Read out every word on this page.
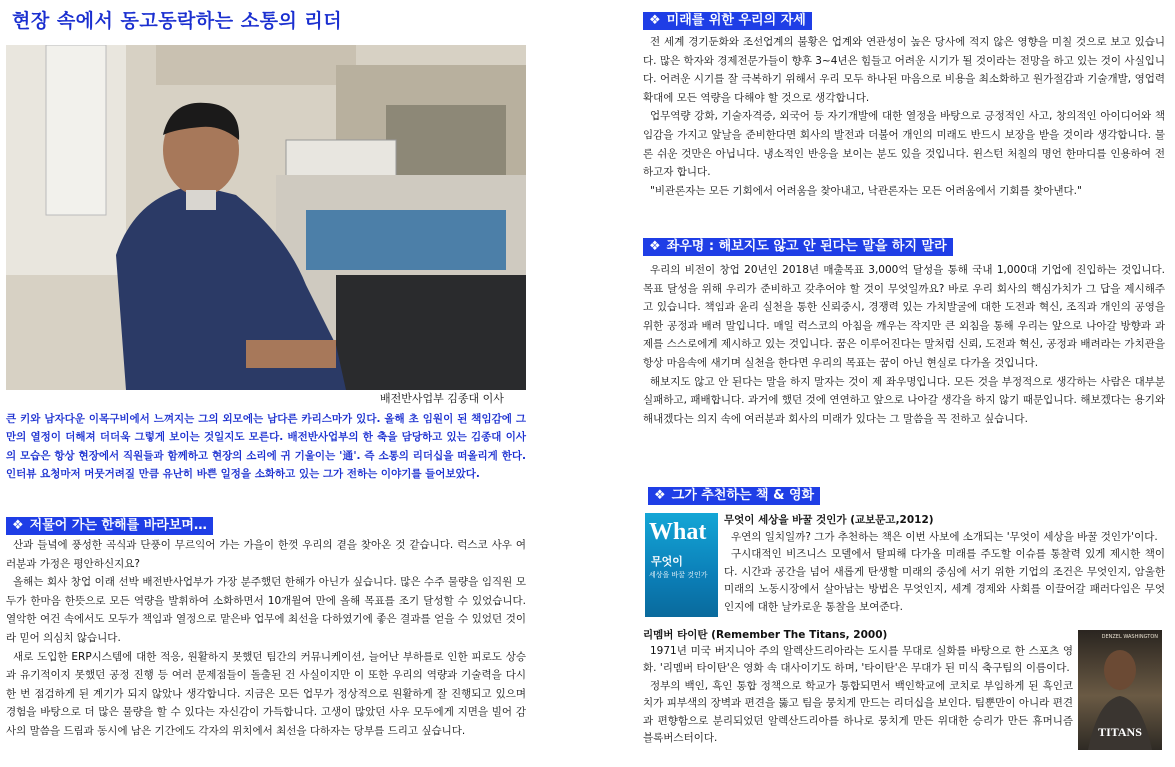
현장 속에서 동고동락하는 소통의 리더
배전반사업부 김종대 이사
큰 키와 남자다운 이목구비에서 느껴지는 그의 외모에는 남다른 카리스마가 있다. 올해 초 임원이 된 책임감에 그만의 열정이 더해져 더더욱 그렇게 보이는 것일지도 모른다. 배전반사업부의 한 축을 담당하고 있는 김종대 이사의 모습은 항상 현장에서 직원들과 함께하고 현장의 소리에 귀 기울이는 '通'. 즉 소통의 리더십을 떠올리게 한다. 인터뷰 요청마저 머뭇거려질 만큼 유난히 바쁜 일정을 소화하고 있는 그가 전하는 이야기를 들어보았다.
❖ 저물어 가는 한해를 바라보며…

산과 들녘에 풍성한 곡식과 단풍이 무르익어 가는 가을이 한껏 우리의 곁을 찾아온 것 같습니다. 럭스코 사우 여러분과 가정은 평안하신지요?

올해는 회사 창업 이래 선박 배전반사업부가 가장 분주했던 한해가 아닌가 싶습니다. 많은 수주 물량을 임직원 모두가 한마음 한뜻으로 모든 역량을 발휘하여 소화하면서 10개월여 만에 올해 목표를 조기 달성할 수 있었습니다. 열악한 여건 속에서도 모두가 책임과 열정으로 맡은바 업무에 최선을 다하였기에 좋은 결과를 얻을 수 있었던 것이라 믿어 의심치 않습니다.

새로 도입한 ERP시스템에 대한 적응, 원활하지 못했던 팀간의 커뮤니케이션, 늘어난 부하를로 인한 피로도 상승과 유기적이지 못했던 공정 진행 등 여러 문제점들이 돌출된 건 사실이지만 이 또한 우리의 역량과 기술력을 다시 한 번 점검하게 된 계기가 되지 않았나 생각합니다. 지금은 모든 업무가 정상적으로 원활하게 잘 진행되고 있으며 경험을 바탕으로 더 많은 물량을 할 수 있다는 자신감이 가득합니다. 고생이 많았던 사우 모두에게 지면을 빌어 감사의 말씀을 드림과 동시에 남은 기간에도 각자의 위치에서 최선을 다하자는 당부를 드리고 싶습니다.

❖ 미래를 위한 우리의 자세

전 세계 경기둔화와 조선업계의 불황은 업계와 연관성이 높은 당사에 적지 않은 영향을 미칠 것으로 보고 있습니다. 많은 학자와 경제전문가들이 향후 3~4년은 힘들고 어려운 시기가 될 것이라는 전망을 하고 있는 것이 사실입니다. 어려운 시기를 잘 극복하기 위해서 우리 모두 하나된 마음으로 비용을 최소화하고 원가절감과 기술개발, 영업력 확대에 모든 역량을 다해야 할 것으로 생각합니다.

업무역량 강화, 기술자격증, 외국어 등 자기개발에 대한 열정을 바탕으로 긍정적인 사고, 창의적인 아이디어와 책임감을 가지고 앞날을 준비한다면 회사의 발전과 더불어 개인의 미래도 반드시 보장을 받을 것이라 생각합니다. 물론 쉬운 것만은 아닙니다. 냉소적인 반응을 보이는 분도 있을 것입니다. 윈스턴 처칠의 명언 한마디를 인용하여 전하고자 합니다.

"비관론자는 모든 기회에서 어려움을 찾아내고, 낙관론자는 모든 어려움에서 기회를 찾아낸다."

❖ 좌우명 : 해보지도 않고 안 된다는 말을 하지 말라

우리의 비전이 창업 20년인 2018년 매출목표 3,000억 달성을 통해 국내 1,000대 기업에 진입하는 것입니다. 목표 달성을 위해 우리가 준비하고 갖추어야 할 것이 무엇일까요? 바로 우리 회사의 핵심가치가 그 답을 제시해주고 있습니다. 책임과 윤리 실천을 통한 신뢰중시, 경쟁력 있는 가치발굴에 대한 도전과 혁신, 조직과 개인의 공영을 위한 공정과 배려 말입니다. 매일 럭스코의 아침을 깨우는 작지만 큰 외침을 통해 우리는 앞으로 나아갈 방향과 과제를 스스로에게 제시하고 있는 것입니다. 꿈은 이루어진다는 말처럼 신뢰, 도전과 혁신, 공정과 배려라는 가치관을 항상 마음속에 새기며 실천을 한다면 우리의 목표는 꿈이 아닌 현실로 다가올 것입니다.

해보지도 않고 안 된다는 말을 하지 말자는 것이 제 좌우명입니다. 모든 것을 부정적으로 생각하는 사람은 대부분 실패하고, 패배합니다. 과거에 했던 것에 연연하고 앞으로 나아갈 생각을 하지 않기 때문입니다. 해보겠다는 용기와 해내겠다는 의지 속에 여러분과 회사의 미래가 있다는 그 말씀을 꼭 전하고 싶습니다.

❖ 그가 추천하는 책 & 영화
What
무엇이
세상을 바꿀 것인가
무엇이 세상을 바꿀 것인가 (교보문고,2012)

우연의 일치일까? 그가 추천하는 책은 이번 사보에 소개되는 '무엇이 세상을 바꿀 것인가'이다.

구시대적인 비즈니스 모델에서 탈피해 다가올 미래를 주도할 이슈를 통찰력 있게 제시한 책이다. 시간과 공간을 넘어 새롭게 탄생할 미래의 중심에 서기 위한 기업의 조건은 무엇인지, 암울한 미래의 노동시장에서 살아남는 방법은 무엇인지, 세계 경제와 사회를 이끌어갈 패러다임은 무엇인지에 대한 날카로운 통찰을 보여준다.

리멤버 타이탄 (Remember The Titans, 2000)	DENZEL WASHINGTON
TITANS

1971년 미국 버지니아 주의 알렉산드리아라는 도시를 무대로 실화를 바탕으로 한 스포츠 영화. '리멤버 타이탄'은 영화 속 대사이기도 하며, '타이탄'은 무대가 된 미식 축구팀의 이름이다.

정부의 백인, 흑인 통합 정책으로 학교가 통합되면서 백인학교에 코치로 부임하게 된 흑인코치가 피부색의 장벽과 편견을 뚫고 팀을 뭉치게 만드는 리더십을 보인다. 팀뿐만이 아니라 편견과 편향함으로 분리되었던 알렉산드리아를 하나로 뭉치게 만든 위대한 승리가 만든 휴머니즘 블록버스터이다.
